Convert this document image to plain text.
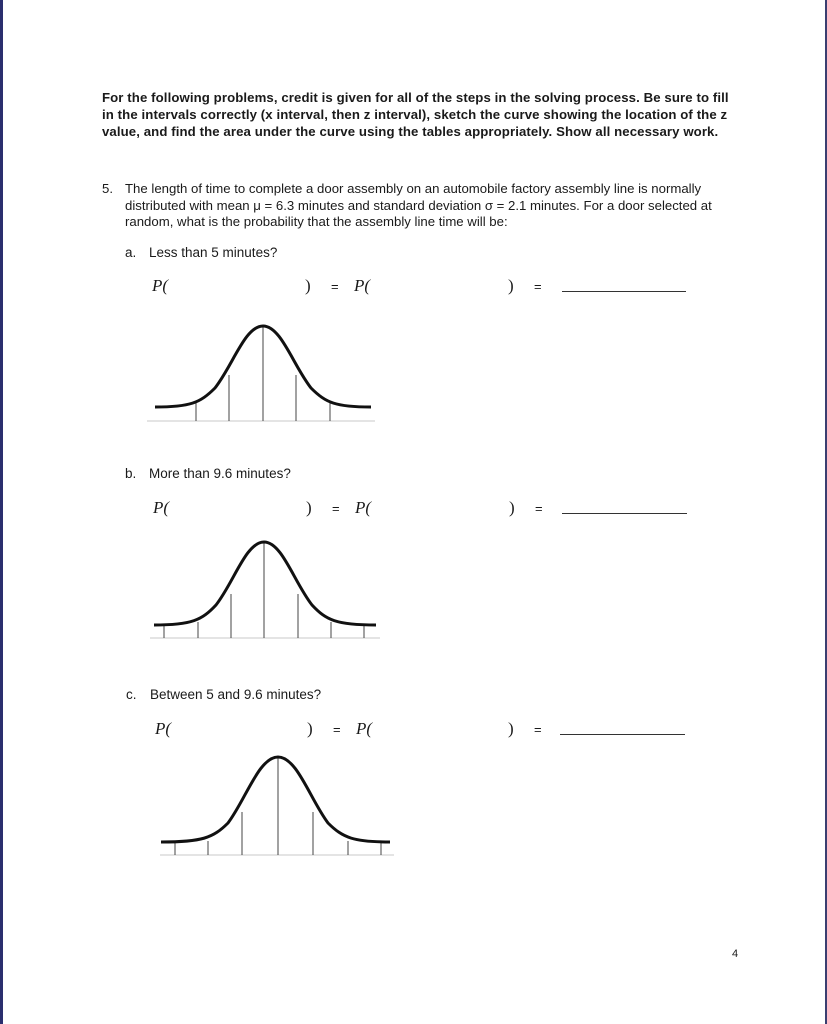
For the following problems, credit is given for all of the steps in the solving process. Be sure to fill in the intervals correctly (x interval, then z interval), sketch the curve showing the location of the z value, and find the area under the curve using the tables appropriately. Show all necessary work.
5. The length of time to complete a door assembly on an automobile factory assembly line is normally distributed with mean μ = 6.3 minutes and standard deviation σ = 2.1 minutes. For a door selected at random, what is the probability that the assembly line time will be:
a. Less than 5 minutes?
P(	) = P(	) =
b. More than 9.6 minutes?
P(	) = P(	) =
c. Between 5 and 9.6 minutes?
P(	) = P(	) =
4
